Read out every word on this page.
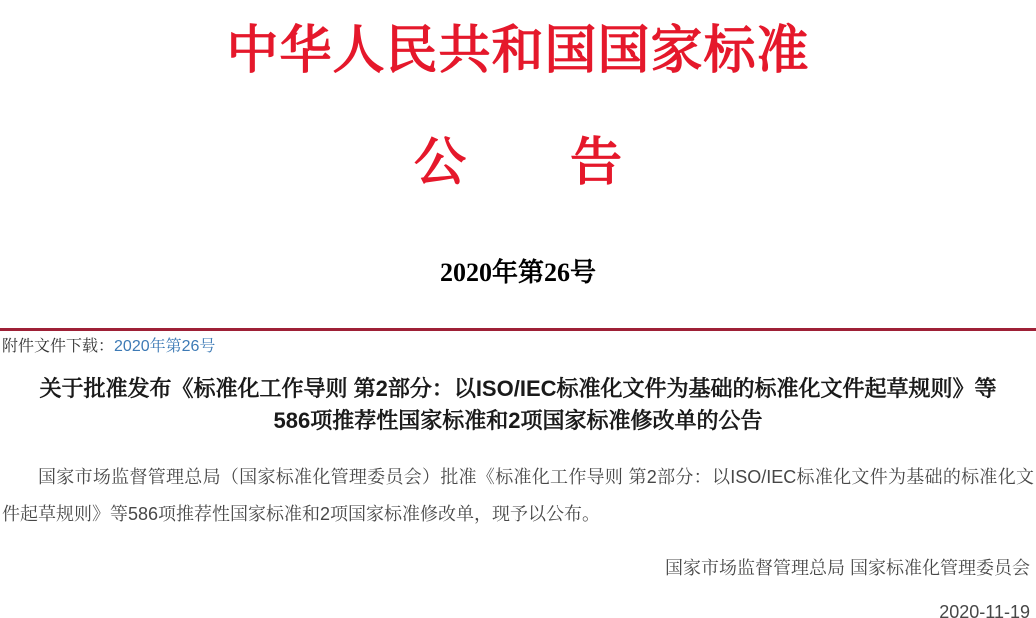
中华人民共和国国家标准
公　　告
2020年第26号
附件文件下载：2020年第26号
关于批准发布《标准化工作导则 第2部分：以ISO/IEC标准化文件为基础的标准化文件起草规则》等
586项推荐性国家标准和2项国家标准修改单的公告
国家市场监督管理总局（国家标准化管理委员会）批准《标准化工作导则 第2部分：以ISO/IEC标准化文件为基础的标准化文件起草规则》等586项推荐性国家标准和2项国家标准修改单，现予以公布。
国家市场监督管理总局 国家标准化管理委员会
2020-11-19
